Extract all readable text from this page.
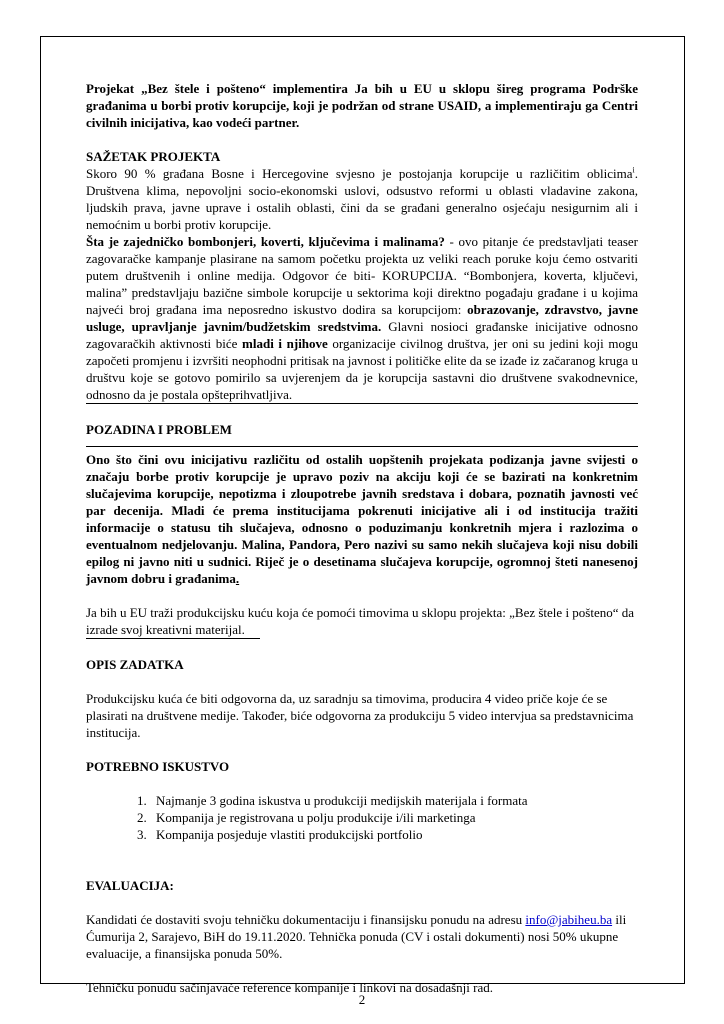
Projekat „Bez štele i pošteno“ implementira Ja bih u EU u sklopu šireg programa Podrške građanima u borbi protiv korupcije, koji je podržan od strane USAID, a implementiraju ga Centri civilnih inicijativa, kao vodeći partner.

SAŽETAK PROJEKTA

Skoro 90 % građana Bosne i Hercegovine svjesno je postojanja korupcije u različitim oblicima$^i$. Društvena klima, nepovoljni socio-ekonomski uslovi, odsustvo reformi u oblasti vladavine zakona, ljudskih prava, javne uprave i ostalih oblasti, čini da se građani generalno osjećaju nesigurnim ali i nemoćnim u borbi protiv korupcije.

Šta je zajedničko bombonjeri, koverti, ključevima i malinama? - ovo pitanje će predstavljati teaser zagovaračke kampanje plasirane na samom početku projekta uz veliki reach poruke koju ćemo ostvariti putem društvenih i online medija. Odgovor će biti- KORUPCIJA. “Bombonjera, koverta, ključevi, malina” predstavljaju bazične simbole korupcije u sektorima koji direktno pogađaju građane i u kojima najveći broj građana ima neposredno iskustvo dodira sa korupcijom: obrazovanje, zdravstvo, javne usluge, upravljanje javnim/budžetskim sredstvima. Glavni nosioci građanske inicijative odnosno zagovaračkih aktivnosti biće mladi i njihove organizacije civilnog društva, jer oni su jedini koji mogu započeti promjenu i izvršiti neophodni pritisak na javnost i političke elite da se izađe iz začaranog kruga u društvu koje se gotovo pomirilo sa uvjerenjem da je korupcija sastavni dio društvene svakodnevnice, odnosno da je postala opšteprihvatljiva.

POZADINA I PROBLEM

Ono što čini ovu inicijativu različitu od ostalih uopštenih projekata podizanja javne svijesti o značaju borbe protiv korupcije je upravo poziv na akciju koji će se bazirati na konkretnim slučajevima korupcije, nepotizma i zloupotrebe javnih sredstava i dobara, poznatih javnosti već par decenija. Mladi će prema institucijama pokrenuti inicijative ali i od institucija tražiti informacije o statusu tih slučajeva, odnosno o poduzimanju konkretnih mjera i razlozima o eventualnom nedjelovanju. Malina, Pandora, Pero nazivi su samo nekih slučajeva koji nisu dobili epilog ni javno niti u sudnici. Riječ je o desetinama slučajeva korupcije, ogromnoj šteti nanesenoj javnom dobru i građanima.

Ja bih u EU traži produkcijsku kuću koja će pomoći timovima u sklopu projekta: „Bez štele i pošteno“ da izrade svoj kreativni materijal.

OPIS ZADATKA

Produkcijsku kuća će biti odgovorna da, uz saradnju sa timovima, producira 4 video priče koje će se plasirati na društvene medije. Također, biće odgovorna za produkciju 5 video intervjua sa predstavnicima institucija.

POTREBNO ISKUSTVO
1. Najmanje 3 godina iskustva u produkciji medijskih materijala i formata
2. Kompanija je registrovana u polju produkcije i/ili marketinga
3. Kompanija posjeduje vlastiti produkcijski portfolio
EVALUACIJA:

Kandidati će dostaviti svoju tehničku dokumentaciju i finansijsku ponudu na adresu info@jabiheu.ba ili Ćumurija 2, Sarajevo, BiH do 19.11.2020. Tehnička ponuda (CV i ostali dokumenti) nosi 50% ukupne evaluacije, a finansijska ponuda 50%.

Tehničku ponudu sačinjavaće reference kompanije i linkovi na dosadašnji rad.

2
